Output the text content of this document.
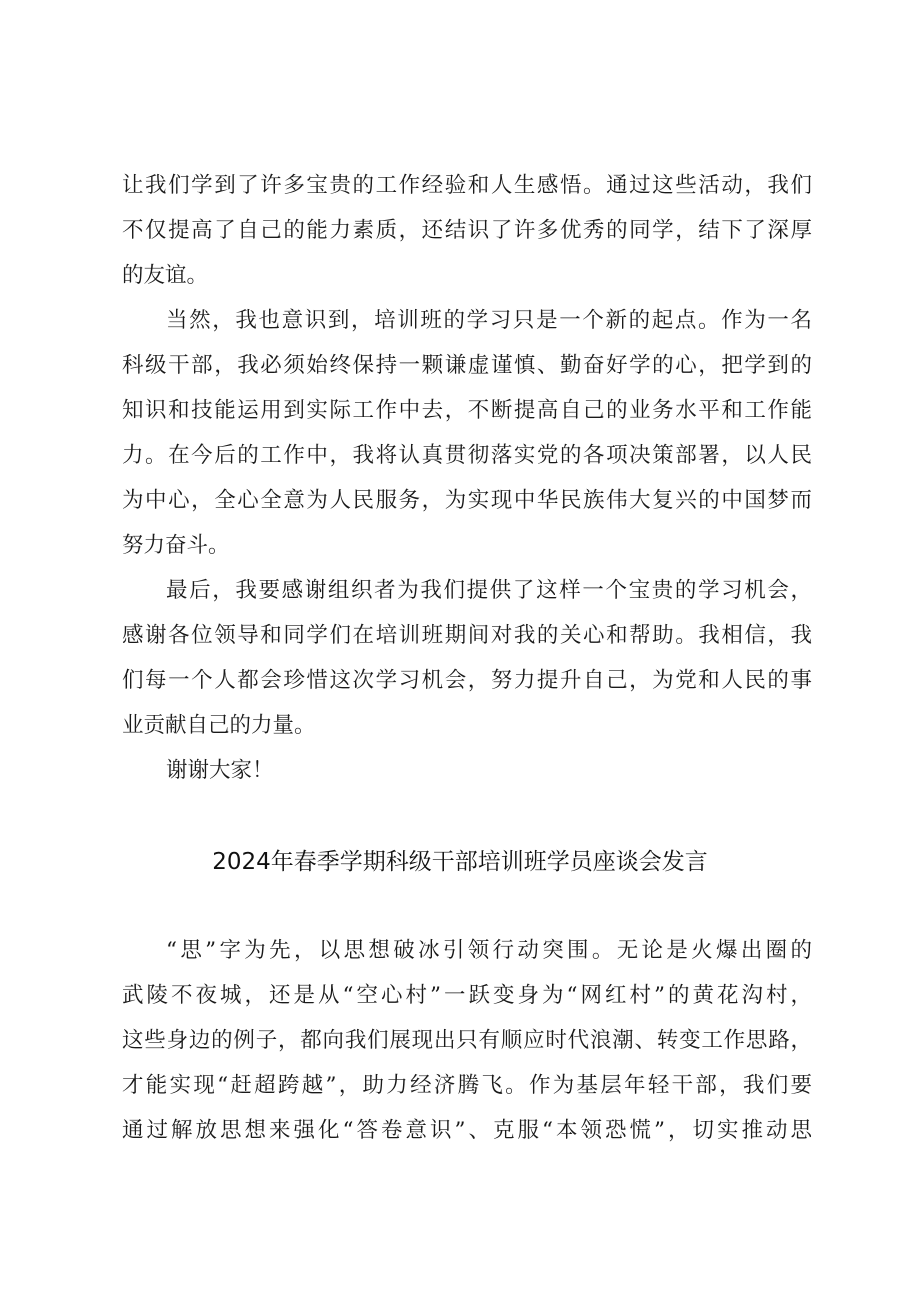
让我们学到了许多宝贵的工作经验和人生感悟。通过这些活动，我们
不仅提高了自己的能力素质，还结识了许多优秀的同学，结下了深厚
的友谊。
当然，我也意识到，培训班的学习只是一个新的起点。作为一名
科级干部，我必须始终保持一颗谦虚谨慎、勤奋好学的心，把学到的
知识和技能运用到实际工作中去，不断提高自己的业务水平和工作能
力。在今后的工作中，我将认真贯彻落实党的各项决策部署，以人民
为中心，全心全意为人民服务，为实现中华民族伟大复兴的中国梦而
努力奋斗。
最后，我要感谢组织者为我们提供了这样一个宝贵的学习机会，
感谢各位领导和同学们在培训班期间对我的关心和帮助。我相信，我
们每一个人都会珍惜这次学习机会，努力提升自己，为党和人民的事
业贡献自己的力量。
谢谢大家！
2024年春季学期科级干部培训班学员座谈会发言
“思”字为先，以思想破冰引领行动突围。无论是火爆出圈的
武陵不夜城，还是从“空心村”一跃变身为“网红村”的黄花沟村，
这些身边的例子，都向我们展现出只有顺应时代浪潮、转变工作思路，
才能实现“赶超跨越”，助力经济腾飞。作为基层年轻干部，我们要
通过解放思想来强化“答卷意识”、克服“本领恐慌”，切实推动思
